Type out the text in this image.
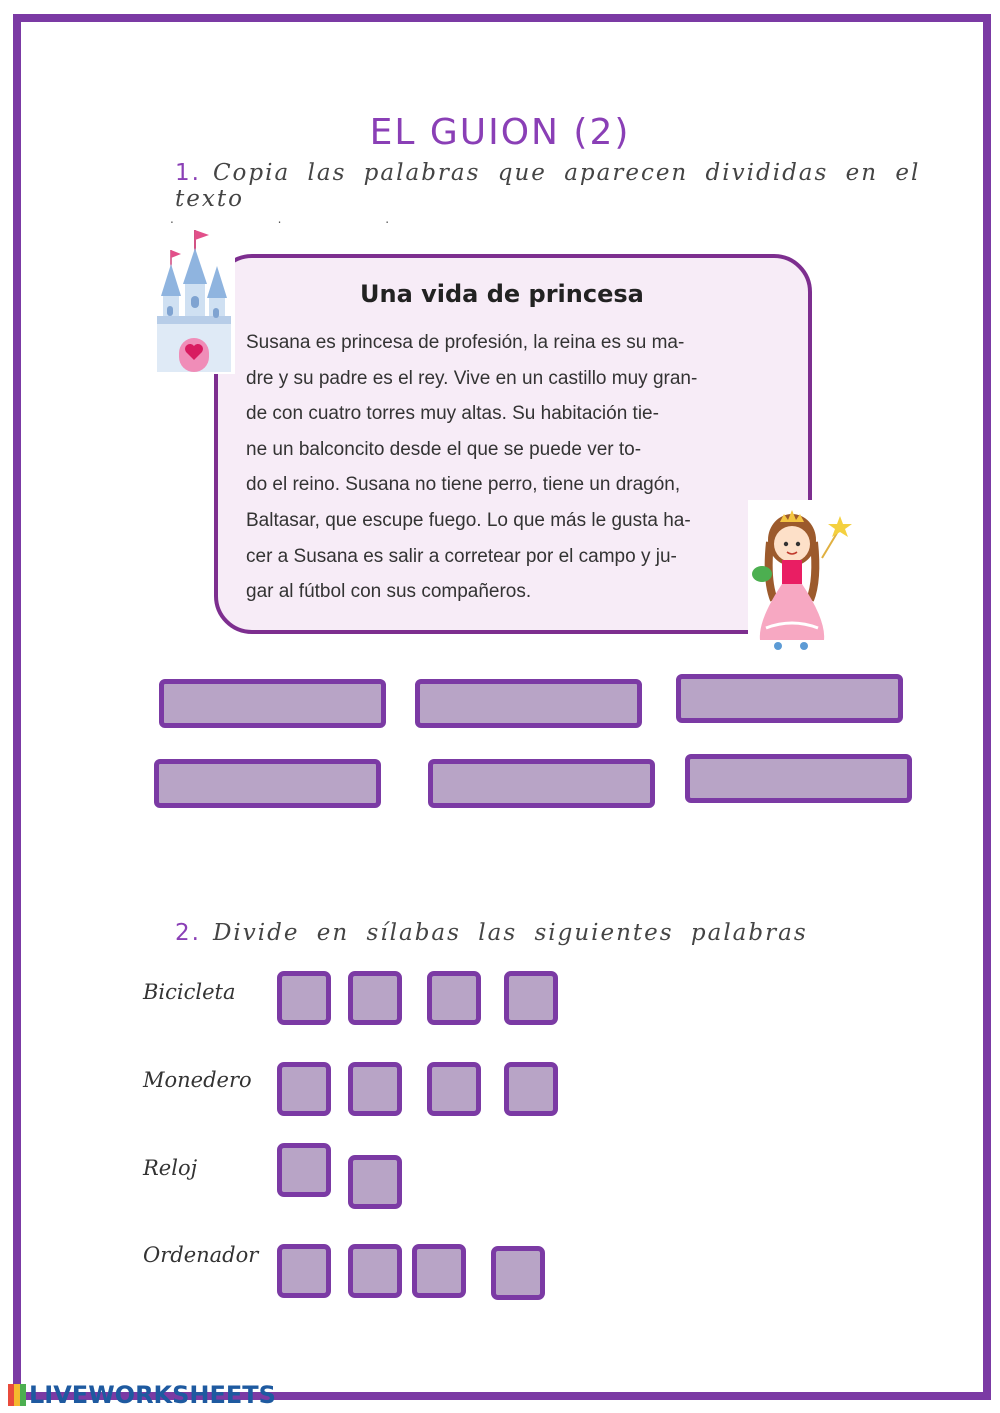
EL GUION (2)
1. Copia las palabras que aparecen divididas en el texto
. . .
Una vida de princesa
Susana es princesa de profesión, la reina es su ma-
dre y su padre es el rey. Vive en un castillo muy gran-
de con cuatro torres muy altas. Su habitación tie-
ne un balconcito desde el que se puede ver to-
do el reino. Susana no tiene perro, tiene un dragón,
Baltasar, que escupe fuego. Lo que más le gusta ha-
cer a Susana es salir a corretear por el campo y ju-
gar al fútbol con sus compañeros.
2. Divide en sílabas las siguientes palabras
Bicicleta
Monedero
Reloj
Ordenador
LIVEWORKSHEETS
